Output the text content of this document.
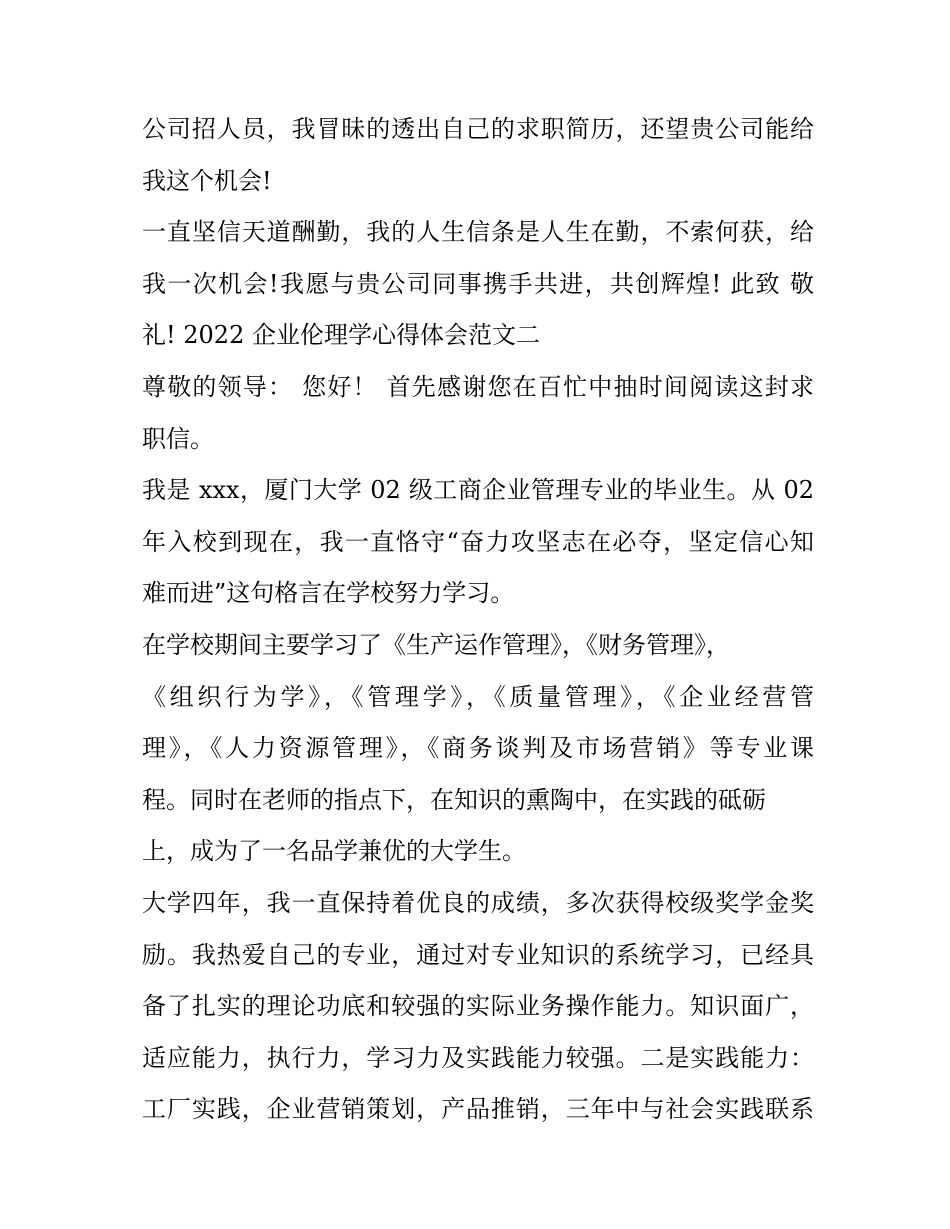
公司招人员，我冒昧的透出自己的求职简历，还望贵公司能给
我这个机会!
一直坚信天道酬勤，我的人生信条是人生在勤，不索何获，给
我一次机会!我愿与贵公司同事携手共进，共创辉煌! 此致 敬
礼! 2022 企业伦理学心得体会范文二
尊敬的领导： 您好！ 首先感谢您在百忙中抽时间阅读这封求
职信。
我是 xxx，厦门大学 02 级工商企业管理专业的毕业生。从 02
年入校到现在，我一直恪守“奋力攻坚志在必夺，坚定信心知
难而进”这句格言在学校努力学习。
在学校期间主要学习了《生产运作管理》，《财务管理》，
《组织行为学》，《管理学》，《质量管理》，《企业经营管
理》，《人力资源管理》，《商务谈判及市场营销》等专业课
程。同时在老师的指点下，在知识的熏陶中，在实践的砥砺
上，成为了一名品学兼优的大学生。
大学四年，我一直保持着优良的成绩，多次获得校级奖学金奖
励。我热爱自己的专业，通过对专业知识的系统学习，已经具
备了扎实的理论功底和较强的实际业务操作能力。知识面广，
适应能力，执行力，学习力及实践能力较强。二是实践能力：
工厂实践，企业营销策划，产品推销，三年中与社会实践联系
